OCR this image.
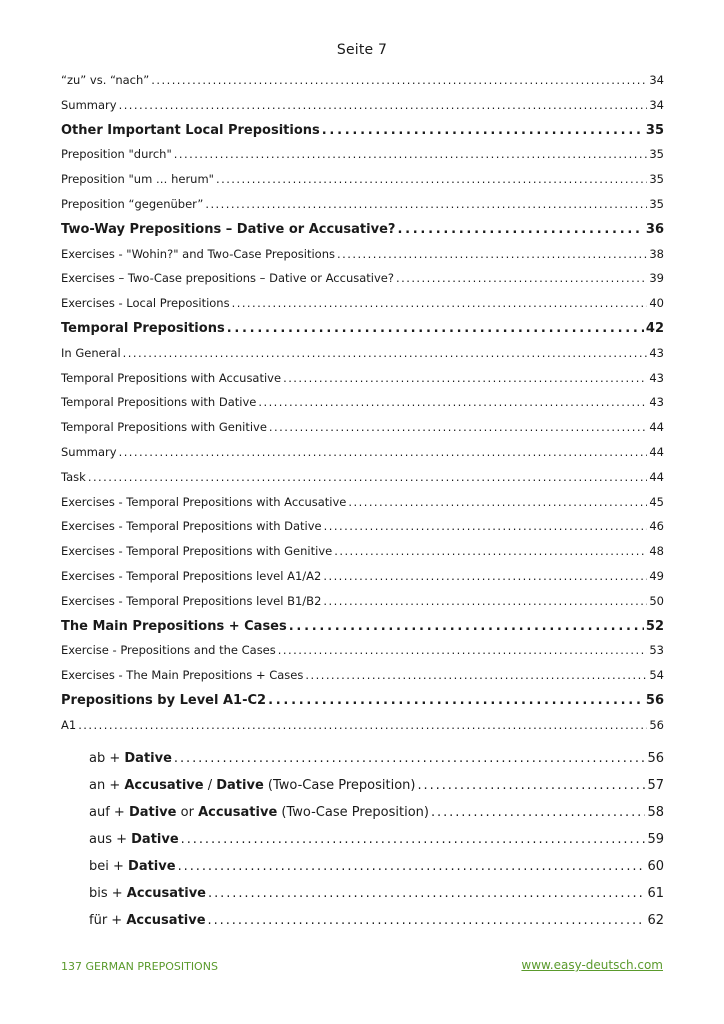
Seite 7
“zu” vs. “nach” . . .	34
Summary . . .	34
Other Important Local Prepositions . . .	35
Preposition "durch" . . .	35
Preposition "um … herum" . . .	35
Preposition “gegenüber” . . .	35
Two-Way Prepositions – Dative or Accusative? . . .	36
Exercises - "Wohin?" and Two-Case Prepositions . . .	38
Exercises – Two-Case prepositions – Dative or Accusative? . . .	39
Exercises - Local Prepositions . . .	40
Temporal Prepositions . . .	42
In General . . .	43
Temporal Prepositions with Accusative . . .	43
Temporal Prepositions with Dative . . .	43
Temporal Prepositions with Genitive . . .	44
Summary . . .	44
Task . . .	44
Exercises - Temporal Prepositions with Accusative . . .	45
Exercises - Temporal Prepositions with Dative . . .	46
Exercises - Temporal Prepositions with Genitive . . .	48
Exercises - Temporal Prepositions level A1/A2 . . .	49
Exercises - Temporal Prepositions level B1/B2 . . .	50
The Main Prepositions + Cases . . .	52
Exercise - Prepositions and the Cases . . .	53
Exercises - The Main Prepositions + Cases . . .	54
Prepositions by Level A1-C2 . . .	56
A1 . . .	56
ab + Dative . . .	56
an + Accusative / Dative (Two-Case Preposition) . . .	57
auf + Dative or Accusative (Two-Case Preposition) . . .	58
aus + Dative . . .	59
bei + Dative . . .	60
bis + Accusative . . .	61
für + Accusative . . .	62
137 GERMAN PREPOSITIONS	www.easy-deutsch.com
